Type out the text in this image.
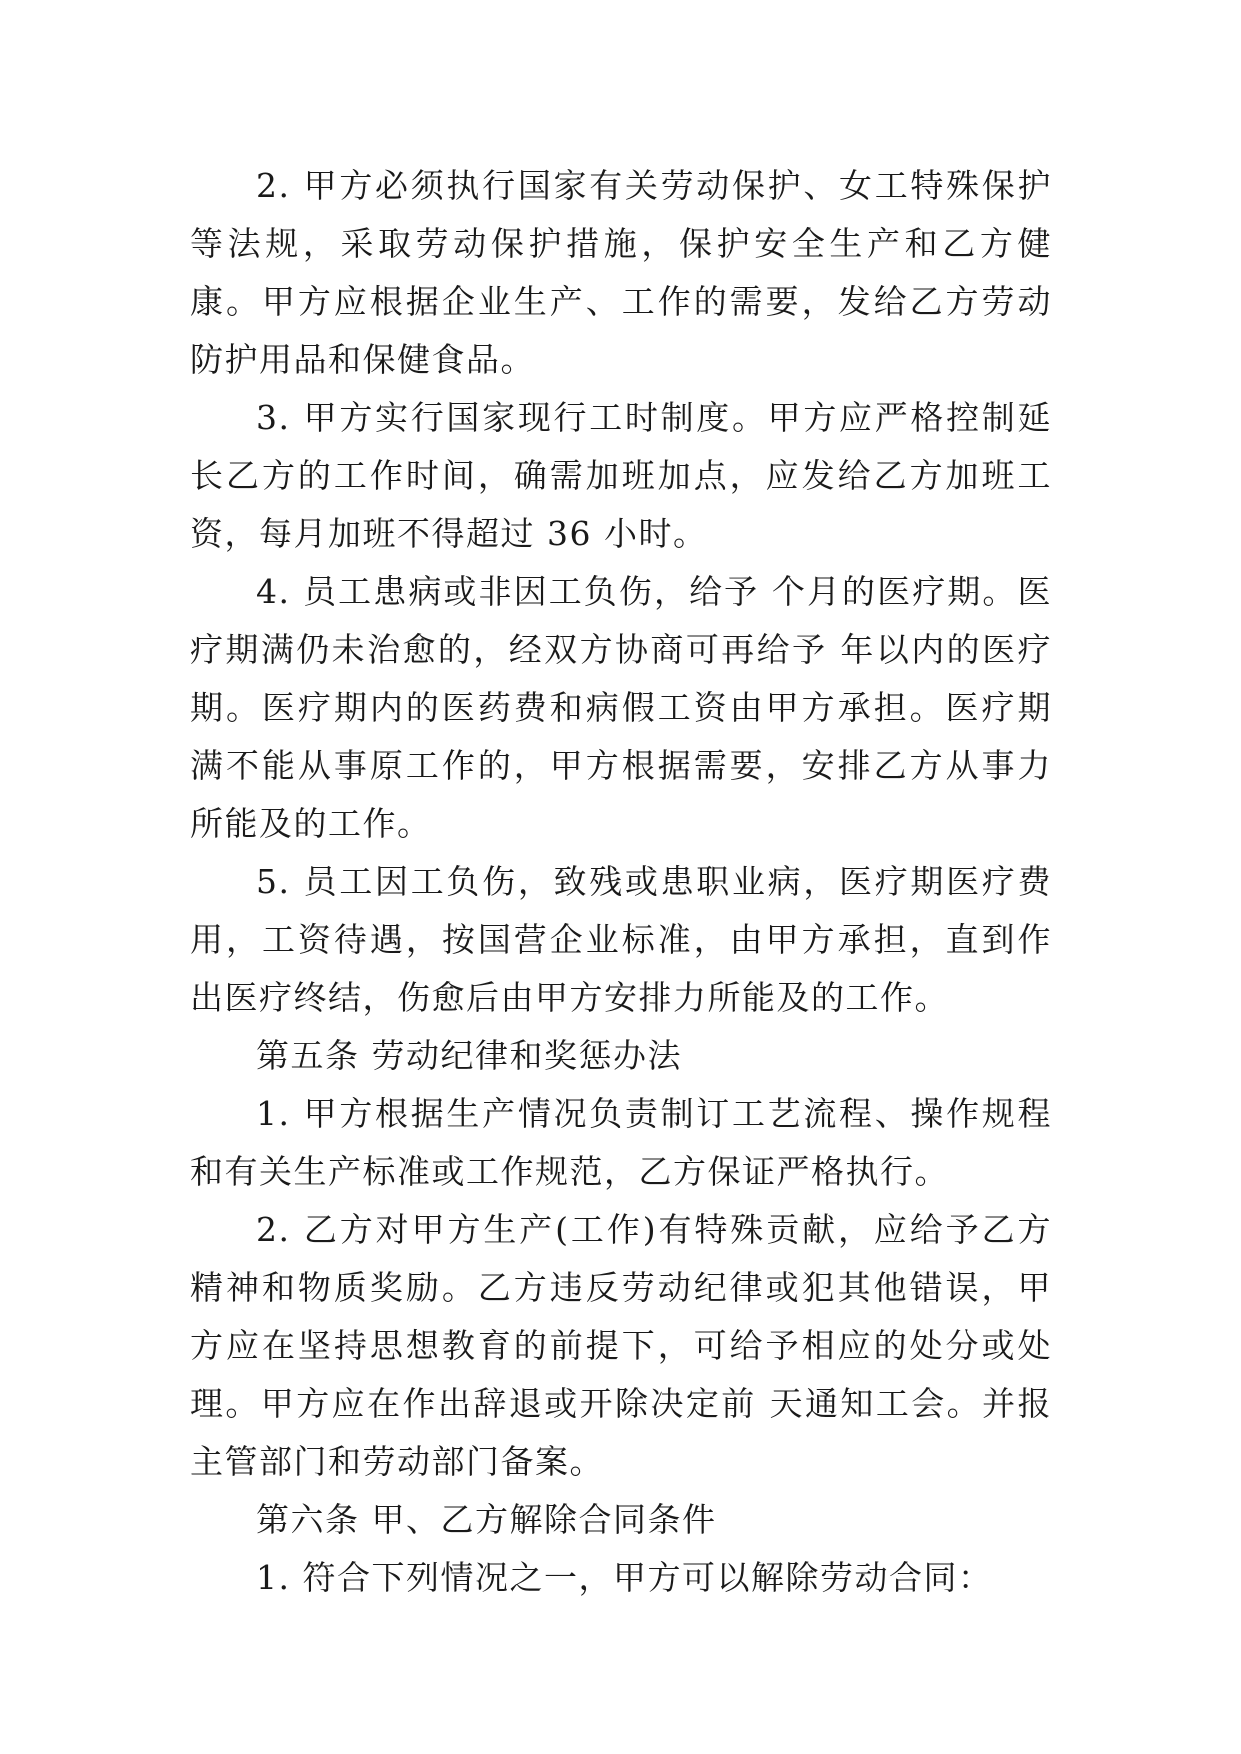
2. 甲方必须执行国家有关劳动保护、女工特殊保护等法规，采取劳动保护措施，保护安全生产和乙方健康。甲方应根据企业生产、工作的需要，发给乙方劳动防护用品和保健食品。

3. 甲方实行国家现行工时制度。甲方应严格控制延长乙方的工作时间，确需加班加点，应发给乙方加班工资，每月加班不得超过 36 小时。

4. 员工患病或非因工负伤，给予 个月的医疗期。医疗期满仍未治愈的，经双方协商可再给予 年以内的医疗期。医疗期内的医药费和病假工资由甲方承担。医疗期满不能从事原工作的，甲方根据需要，安排乙方从事力所能及的工作。

5. 员工因工负伤，致残或患职业病，医疗期医疗费用，工资待遇，按国营企业标准，由甲方承担，直到作出医疗终结，伤愈后由甲方安排力所能及的工作。

第五条 劳动纪律和奖惩办法

1. 甲方根据生产情况负责制订工艺流程、操作规程和有关生产标准或工作规范，乙方保证严格执行。

2. 乙方对甲方生产(工作)有特殊贡献，应给予乙方精神和物质奖励。乙方违反劳动纪律或犯其他错误，甲方应在坚持思想教育的前提下，可给予相应的处分或处理。甲方应在作出辞退或开除决定前 天通知工会。并报主管部门和劳动部门备案。

第六条 甲、乙方解除合同条件

1. 符合下列情况之一，甲方可以解除劳动合同：
